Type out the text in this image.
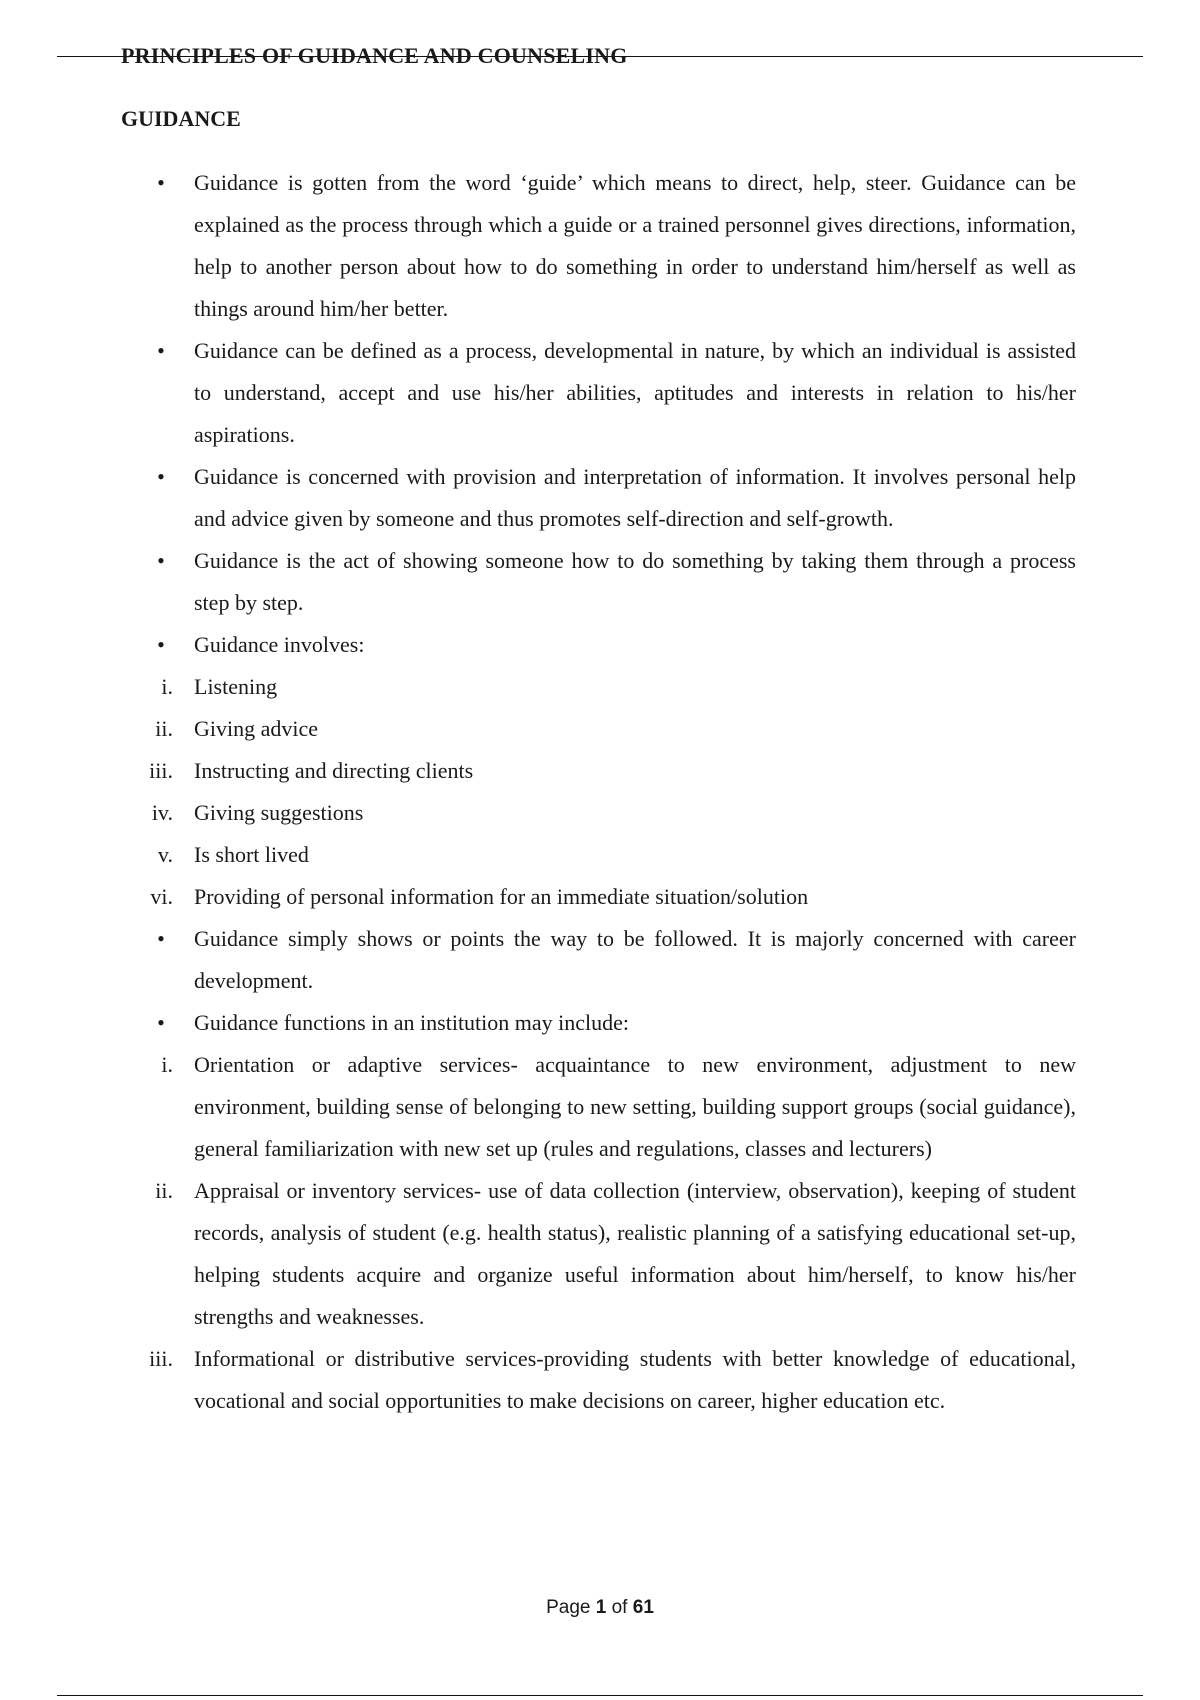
PRINCIPLES OF GUIDANCE AND COUNSELING
GUIDANCE
• Guidance is gotten from the word ‘guide’ which means to direct, help, steer. Guidance can be explained as the process through which a guide or a trained personnel gives directions, information, help to another person about how to do something in order to understand him/herself as well as things around him/her better.
• Guidance can be defined as a process, developmental in nature, by which an individual is assisted to understand, accept and use his/her abilities, aptitudes and interests in relation to his/her aspirations.
• Guidance is concerned with provision and interpretation of information. It involves personal help and advice given by someone and thus promotes self-direction and self-growth.
• Guidance is the act of showing someone how to do something by taking them through a process step by step.
• Guidance involves:
i. Listening
ii. Giving advice
iii. Instructing and directing clients
iv. Giving suggestions
v. Is short lived
vi. Providing of personal information for an immediate situation/solution
• Guidance simply shows or points the way to be followed. It is majorly concerned with career development.
• Guidance functions in an institution may include:
i. Orientation or adaptive services- acquaintance to new environment, adjustment to new environment, building sense of belonging to new setting, building support groups (social guidance), general familiarization with new set up (rules and regulations, classes and lecturers)
ii. Appraisal or inventory services- use of data collection (interview, observation), keeping of student records, analysis of student (e.g. health status), realistic planning of a satisfying educational set-up, helping students acquire and organize useful information about him/herself, to know his/her strengths and weaknesses.
iii. Informational or distributive services-providing students with better knowledge of educational, vocational and social opportunities to make decisions on career, higher education etc.
Page 1 of 61
